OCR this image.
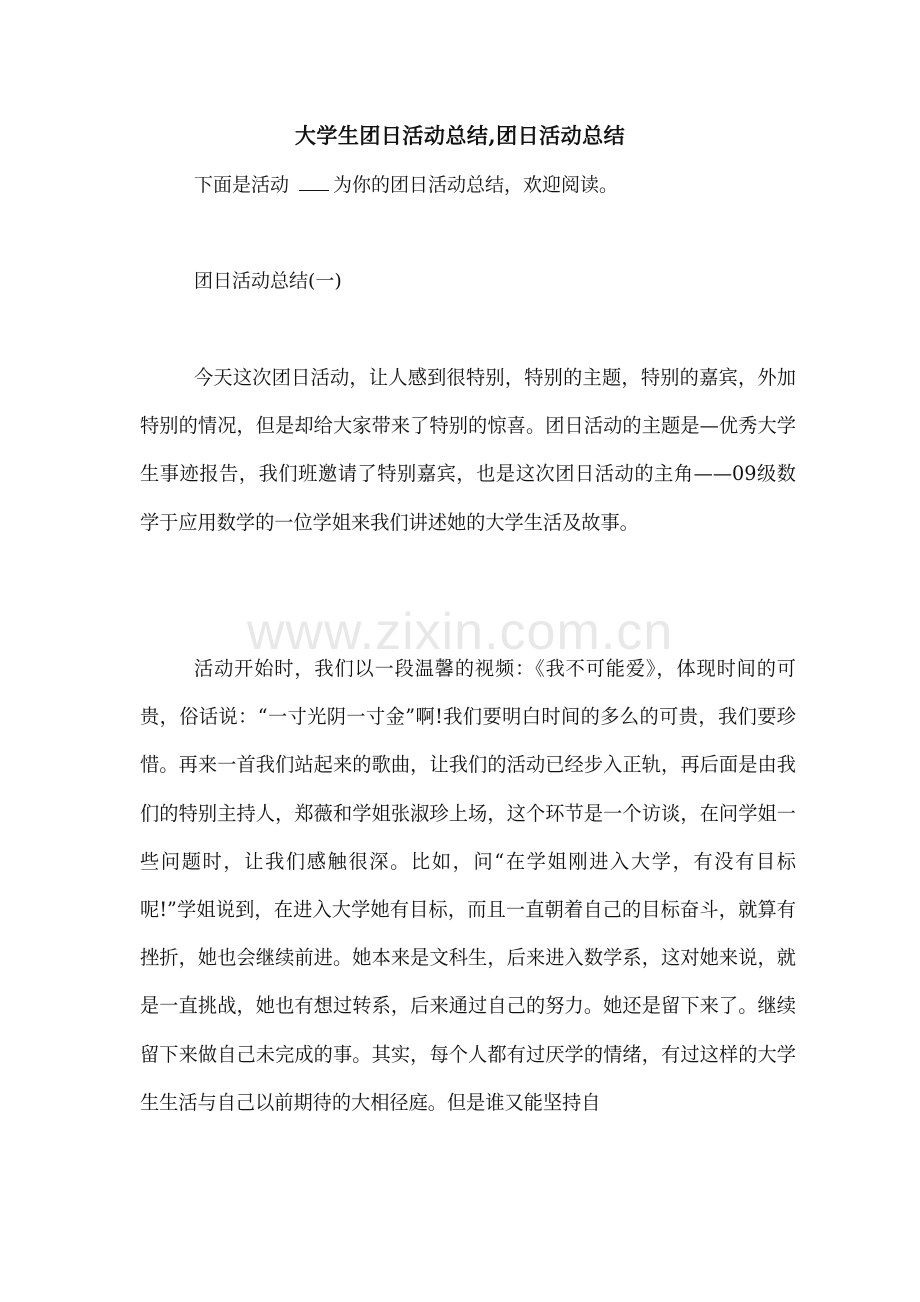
大学生团日活动总结,团日活动总结
下面是活动 为你的团日活动总结，欢迎阅读。
团日活动总结(一)

今天这次团日活动，让人感到很特别，特别的主题，特别的嘉宾，外加特别的情况，但是却给大家带来了特别的惊喜。团日活动的主题是—优秀大学生事迹报告，我们班邀请了特别嘉宾，也是这次团日活动的主角——09级数学于应用数学的一位学姐来我们讲述她的大学生活及故事。

活动开始时，我们以一段温馨的视频：《我不可能爱》，体现时间的可贵，俗话说：“一寸光阴一寸金”啊!我们要明白时间的多么的可贵，我们要珍惜。再来一首我们站起来的歌曲，让我们的活动已经步入正轨，再后面是由我们的特别主持人，郑薇和学姐张淑珍上场，这个环节是一个访谈，在问学姐一些问题时，让我们感触很深。比如，问“在学姐刚进入大学，有没有目标呢!”学姐说到，在进入大学她有目标，而且一直朝着自己的目标奋斗，就算有挫折，她也会继续前进。她本来是文科生，后来进入数学系，这对她来说，就是一直挑战，她也有想过转系，后来通过自己的努力。她还是留下来了。继续留下来做自己未完成的事。其实，每个人都有过厌学的情绪，有过这样的大学生生活与自己以前期待的大相径庭。但是谁又能坚持自

www.zixin.com.cn
